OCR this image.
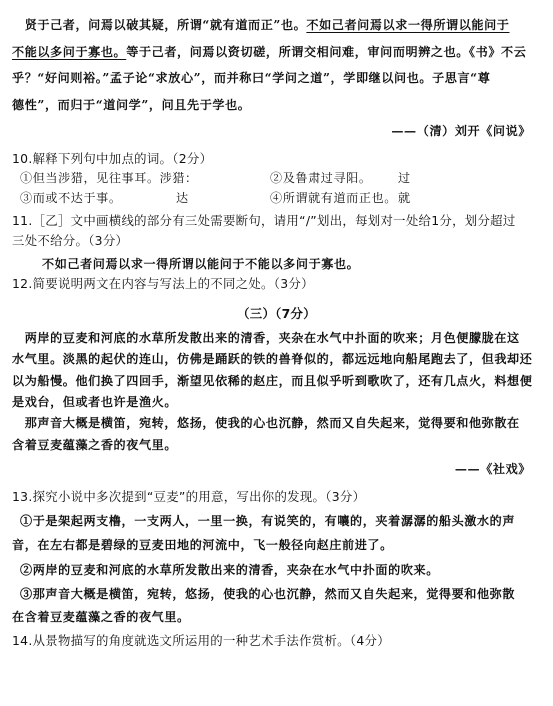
　贤于己者，问焉以破其疑，所谓“就有道而正”也。不如己者问焉以求一得所谓以能问于
不能以多问于寡也。等于己者，问焉以资切磋，所谓交相问难，审问而明辨之也。《书》不云
乎？“好问则裕。”孟子论“求放心”，而并称曰“学问之道”，学即继以问也。子思言“尊
德性”，而归于“道问学”，问且先于学也。
——（清）刘开《问说》
10.解释下列句中加点的词。（2分）
①但当涉猎，见往事耳。涉猎：	②及鲁肃过寻阳。 过
③而或不达于事。	达	④所谓就有道而正也。 就
11.［乙］文中画横线的部分有三处需要断句，请用“/”划出，每划对一处给1分，划分超过
三处不给分。（3分）
不如己者问焉以求一得所谓以能问于不能以多问于寡也。
12.简要说明两文在内容与写法上的不同之处。（3分）
（三）（7分）
　两岸的豆麦和河底的水草所发散出来的清香，夹杂在水气中扑面的吹来；月色便朦胧在这
水气里。淡黑的起伏的连山，仿佛是踊跃的铁的兽脊似的，都远远地向船尾跑去了，但我却还
以为船慢。他们换了四回手，渐望见依稀的赵庄，而且似乎听到歌吹了，还有几点火，料想便
是戏台，但或者也许是渔火。
　那声音大概是横笛，宛转，悠扬，使我的心也沉静，然而又自失起来，觉得要和他弥散在
含着豆麦蕴藻之香的夜气里。
——《社戏》
13.探究小说中多次提到“豆麦”的用意，写出你的发现。（3分）
①于是架起两支橹，一支两人，一里一换，有说笑的，有嚷的，夹着潺潺的船头激水的声
音，在左右都是碧绿的豆麦田地的河流中，飞一般径向赵庄前进了。
②两岸的豆麦和河底的水草所发散出来的清香，夹杂在水气中扑面的吹来。
③那声音大概是横笛，宛转，悠扬，使我的心也沉静，然而又自失起来，觉得要和他弥散
在含着豆麦蕴藻之香的夜气里。
14.从景物描写的角度就选文所运用的一种艺术手法作赏析。（4分）
